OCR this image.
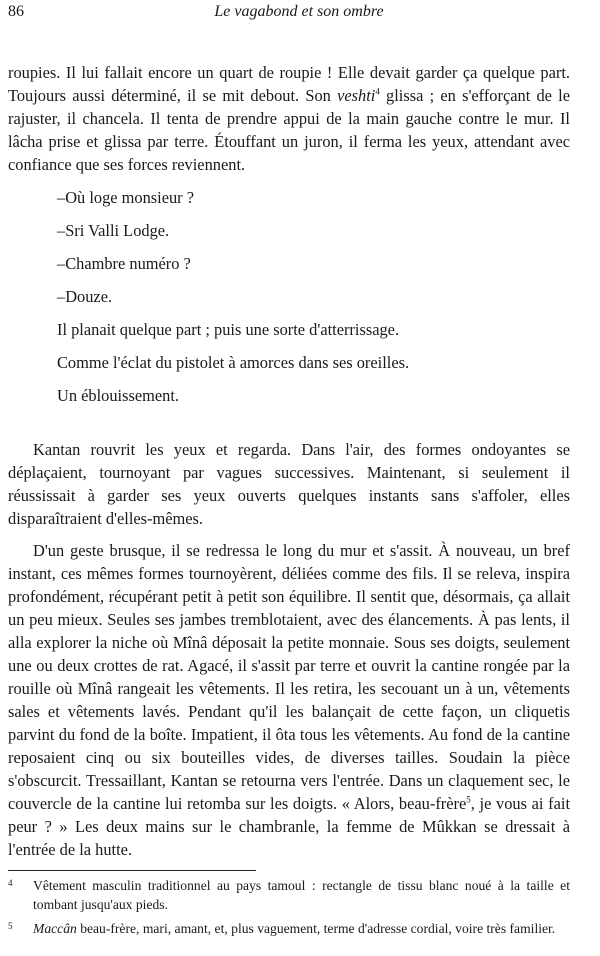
86	Le vagabond et son ombre

roupies. Il lui fallait encore un quart de roupie ! Elle devait garder ça quelque part. Toujours aussi déterminé, il se mit debout. Son veshti$^4$ glissa ; en s'efforçant de le rajuster, il chancela. Il tenta de prendre appui de la main gauche contre le mur. Il lâcha prise et glissa par terre. Étouffant un juron, il ferma les yeux, attendant avec confiance que ses forces reviennent.

–Où loge monsieur ?

–Sri Valli Lodge.

–Chambre numéro ?

–Douze.

Il planait quelque part ; puis une sorte d'atterrissage.

Comme l'éclat du pistolet à amorces dans ses oreilles.

Un éblouissement.

Kantan rouvrit les yeux et regarda. Dans l'air, des formes ondoyantes se déplaçaient, tournoyant par vagues successives. Maintenant, si seulement il réussissait à garder ses yeux ouverts quelques instants sans s'affoler, elles disparaîtraient d'elles-mêmes.

D'un geste brusque, il se redressa le long du mur et s'assit. À nouveau, un bref instant, ces mêmes formes tournoyèrent, déliées comme des fils. Il se releva, inspira profondément, récupérant petit à petit son équilibre. Il sentit que, désormais, ça allait un peu mieux. Seules ses jambes tremblotaient, avec des élancements. À pas lents, il alla explorer la niche où Mînâ déposait la petite monnaie. Sous ses doigts, seulement une ou deux crottes de rat. Agacé, il s'assit par terre et ouvrit la cantine rongée par la rouille où Mînâ rangeait les vêtements. Il les retira, les secouant un à un, vêtements sales et vêtements lavés. Pendant qu'il les balançait de cette façon, un cliquetis parvint du fond de la boîte. Impatient, il ôta tous les vêtements. Au fond de la cantine reposaient cinq ou six bouteilles vides, de diverses tailles. Soudain la pièce s'obscurcit. Tressaillant, Kantan se retourna vers l'entrée. Dans un claquement sec, le couvercle de la cantine lui retomba sur les doigts. « Alors, beau-frère$^5$, je vous ai fait peur ? » Les deux mains sur le chambranle, la femme de Mûkkan se dressait à l'entrée de la hutte.

4 Vêtement masculin traditionnel au pays tamoul : rectangle de tissu blanc noué à la taille et tombant jusqu'aux pieds.

5 Maccân beau-frère, mari, amant, et, plus vaguement, terme d'adresse cordial, voire très familier.
